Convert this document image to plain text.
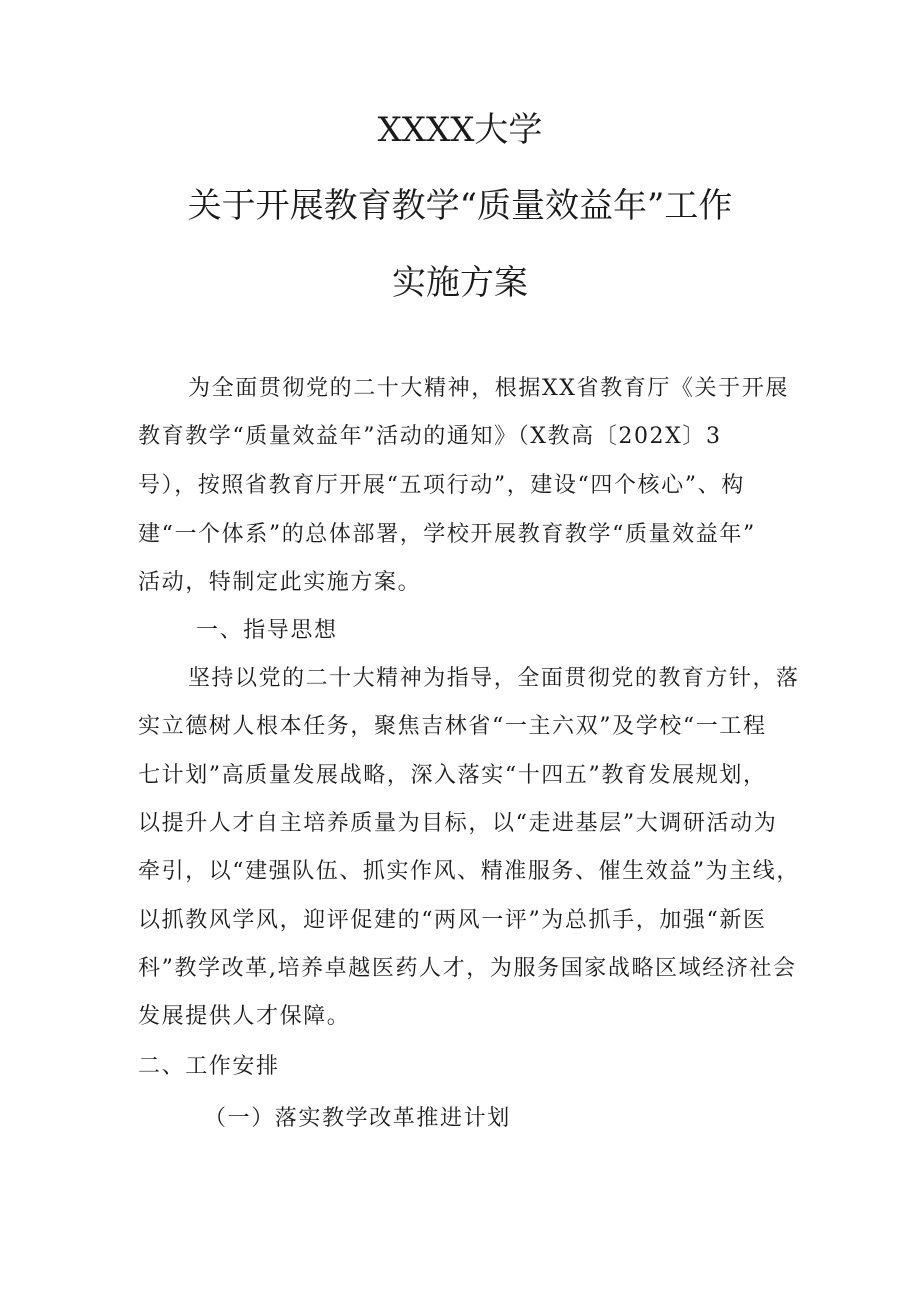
XXXX大学
关于开展教育教学“质量效益年”工作
实施方案
为全面贯彻党的二十大精神，根据XX省教育厅《关于开展
教育教学“质量效益年”活动的通知》（X教高〔202X〕3
号），按照省教育厅开展“五项行动”，建设“四个核心”、构
建“一个体系”的总体部署，学校开展教育教学“质量效益年”
活动，特制定此实施方案。
一、指导思想
坚持以党的二十大精神为指导，全面贯彻党的教育方针，落
实立德树人根本任务，聚焦吉林省“一主六双”及学校“一工程
七计划”高质量发展战略，深入落实“十四五”教育发展规划，
以提升人才自主培养质量为目标，以“走进基层”大调研活动为
牵引，以“建强队伍、抓实作风、精准服务、催生效益”为主线，
以抓教风学风，迎评促建的“两风一评”为总抓手，加强“新医
科”教学改革,培养卓越医药人才，为服务国家战略区域经济社会
发展提供人才保障。
二、工作安排
（一）落实教学改革推进计划
